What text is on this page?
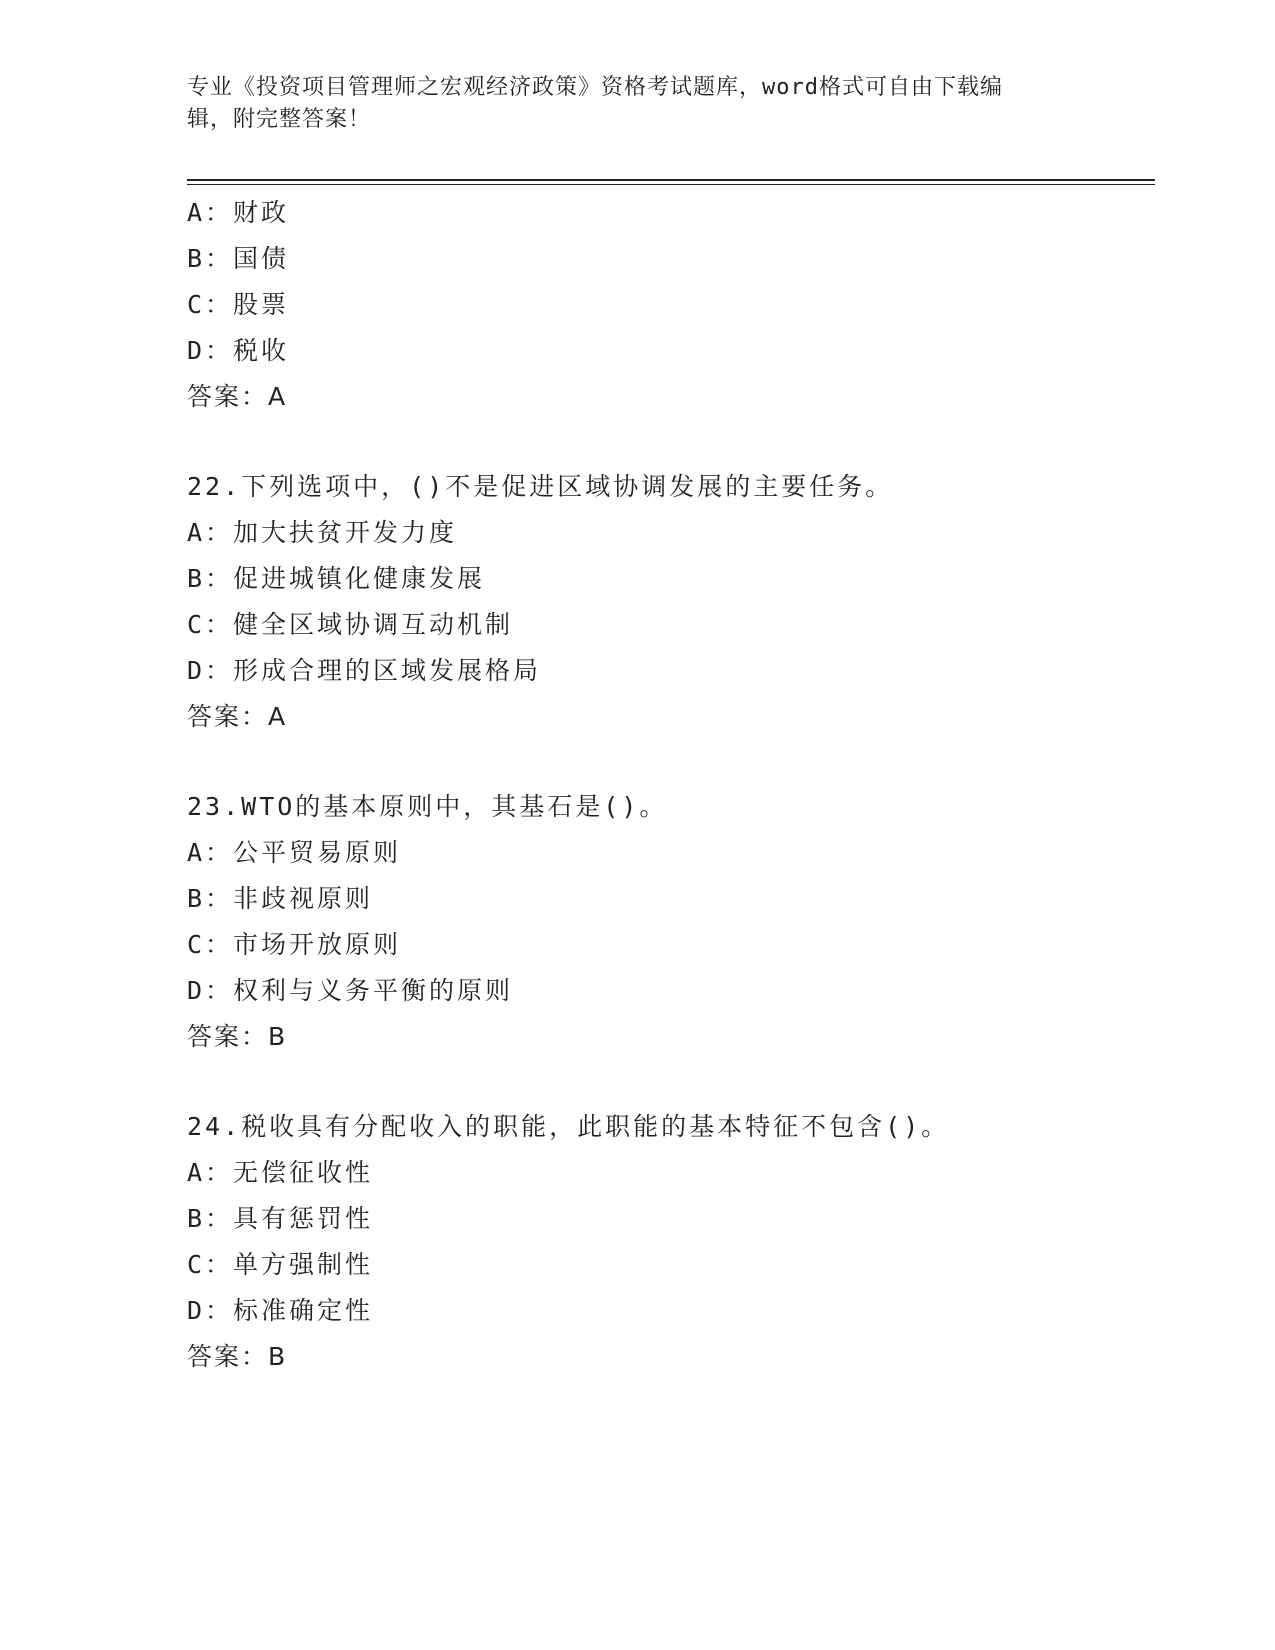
专业《投资项目管理师之宏观经济政策》资格考试题库，word格式可自由下载编
辑，附完整答案！
A：财政
B：国债
C：股票
D：税收
答案：A
22.下列选项中，()不是促进区域协调发展的主要任务。
A：加大扶贫开发力度
B：促进城镇化健康发展
C：健全区域协调互动机制
D：形成合理的区域发展格局
答案：A
23.WTO的基本原则中，其基石是()。
A：公平贸易原则
B：非歧视原则
C：市场开放原则
D：权利与义务平衡的原则
答案：B
24.税收具有分配收入的职能，此职能的基本特征不包含()。
A：无偿征收性
B：具有惩罚性
C：单方强制性
D：标准确定性
答案：B
